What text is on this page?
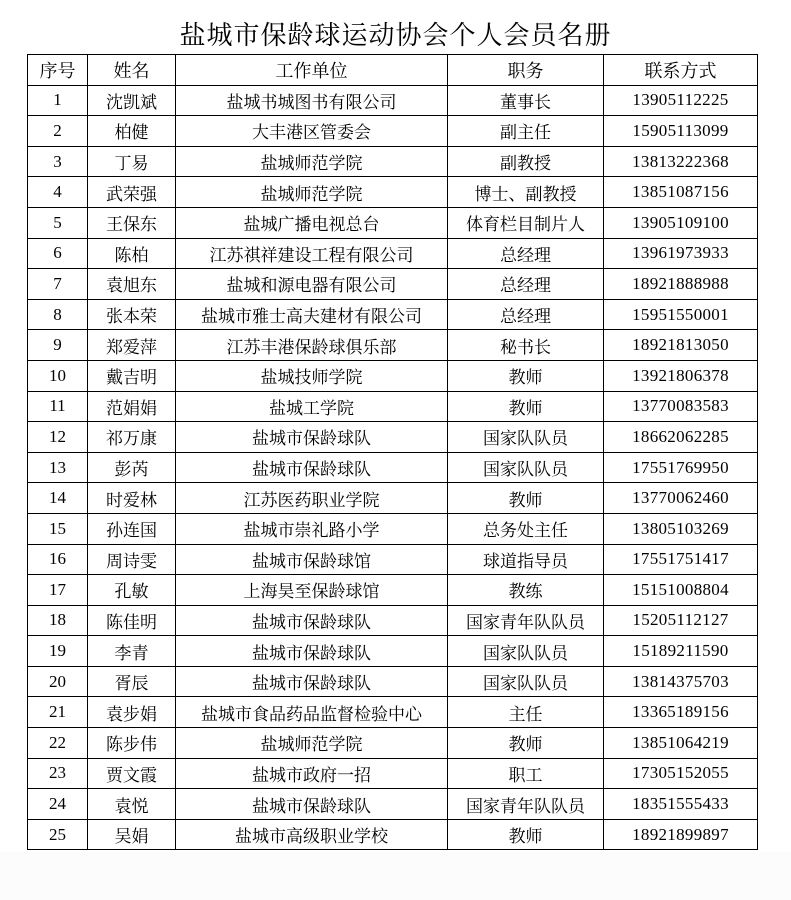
盐城市保龄球运动协会个人会员名册
序号	姓名	工作单位	职务	联系方式
1	沈凯斌	盐城书城图书有限公司	董事长	13905112225
2	柏健	大丰港区管委会	副主任	15905113099
3	丁易	盐城师范学院	副教授	13813222368
4	武荣强	盐城师范学院	博士、副教授	13851087156
5	王保东	盐城广播电视总台	体育栏目制片人	13905109100
6	陈柏	江苏祺祥建设工程有限公司	总经理	13961973933
7	袁旭东	盐城和源电器有限公司	总经理	18921888988
8	张本荣	盐城市雅士高夫建材有限公司	总经理	15951550001
9	郑爱萍	江苏丰港保龄球俱乐部	秘书长	18921813050
10	戴吉明	盐城技师学院	教师	13921806378
11	范娟娟	盐城工学院	教师	13770083583
12	祁万康	盐城市保龄球队	国家队队员	18662062285
13	彭芮	盐城市保龄球队	国家队队员	17551769950
14	时爱林	江苏医药职业学院	教师	13770062460
15	孙连国	盐城市崇礼路小学	总务处主任	13805103269
16	周诗雯	盐城市保龄球馆	球道指导员	17551751417
17	孔敏	上海昊至保龄球馆	教练	15151008804
18	陈佳明	盐城市保龄球队	国家青年队队员	15205112127
19	李青	盐城市保龄球队	国家队队员	15189211590
20	胥辰	盐城市保龄球队	国家队队员	13814375703
21	袁步娟	盐城市食品药品监督检验中心	主任	13365189156
22	陈步伟	盐城师范学院	教师	13851064219
23	贾文霞	盐城市政府一招	职工	17305152055
24	袁悦	盐城市保龄球队	国家青年队队员	18351555433
25	吴娟	盐城市高级职业学校	教师	18921899897
